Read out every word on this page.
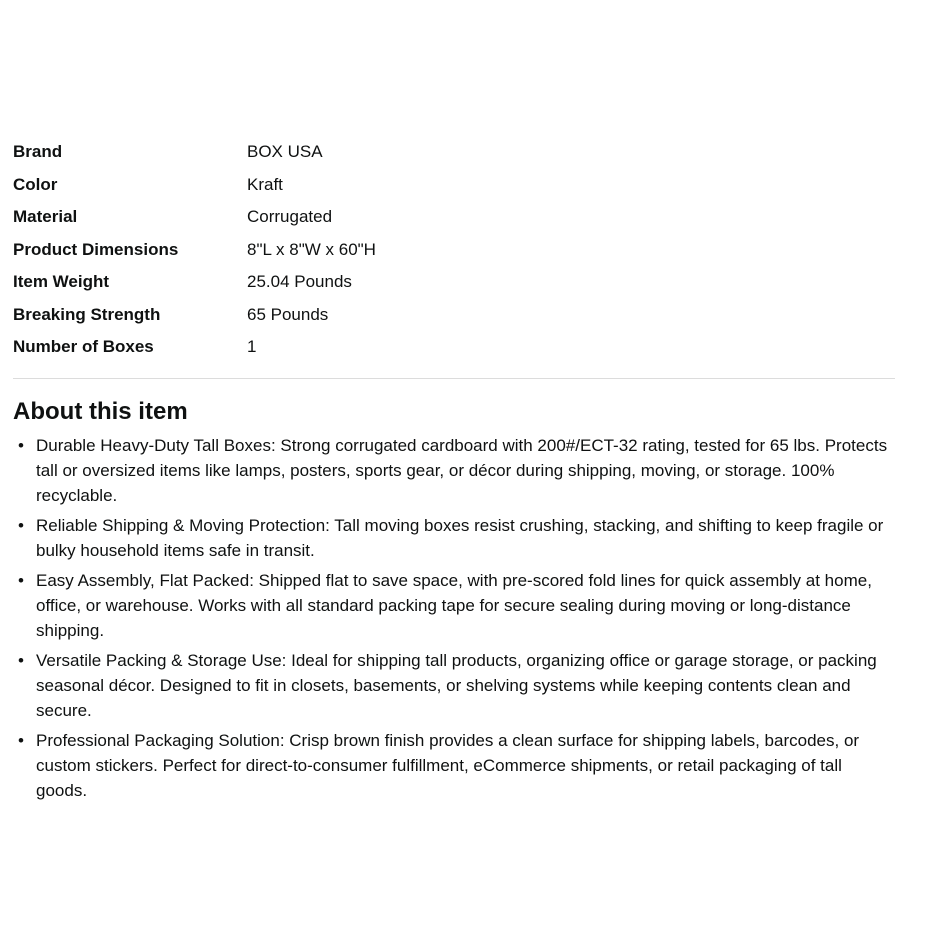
Brand	BOX USA
Color	Kraft
Material	Corrugated
Product Dimensions	8"L x 8"W x 60"H
Item Weight	25.04 Pounds
Breaking Strength	65 Pounds
Number of Boxes	1
About this item
• Durable Heavy-Duty Tall Boxes: Strong corrugated cardboard with 200#/ECT-32 rating, tested for 65 lbs. Protects tall or oversized items like lamps, posters, sports gear, or décor during shipping, moving, or storage. 100% recyclable.
• Reliable Shipping & Moving Protection: Tall moving boxes resist crushing, stacking, and shifting to keep fragile or bulky household items safe in transit.
• Easy Assembly, Flat Packed: Shipped flat to save space, with pre-scored fold lines for quick assembly at home, office, or warehouse. Works with all standard packing tape for secure sealing during moving or long-distance shipping.
• Versatile Packing & Storage Use: Ideal for shipping tall products, organizing office or garage storage, or packing seasonal décor. Designed to fit in closets, basements, or shelving systems while keeping contents clean and secure.
• Professional Packaging Solution: Crisp brown finish provides a clean surface for shipping labels, barcodes, or custom stickers. Perfect for direct-to-consumer fulfillment, eCommerce shipments, or retail packaging of tall goods.
